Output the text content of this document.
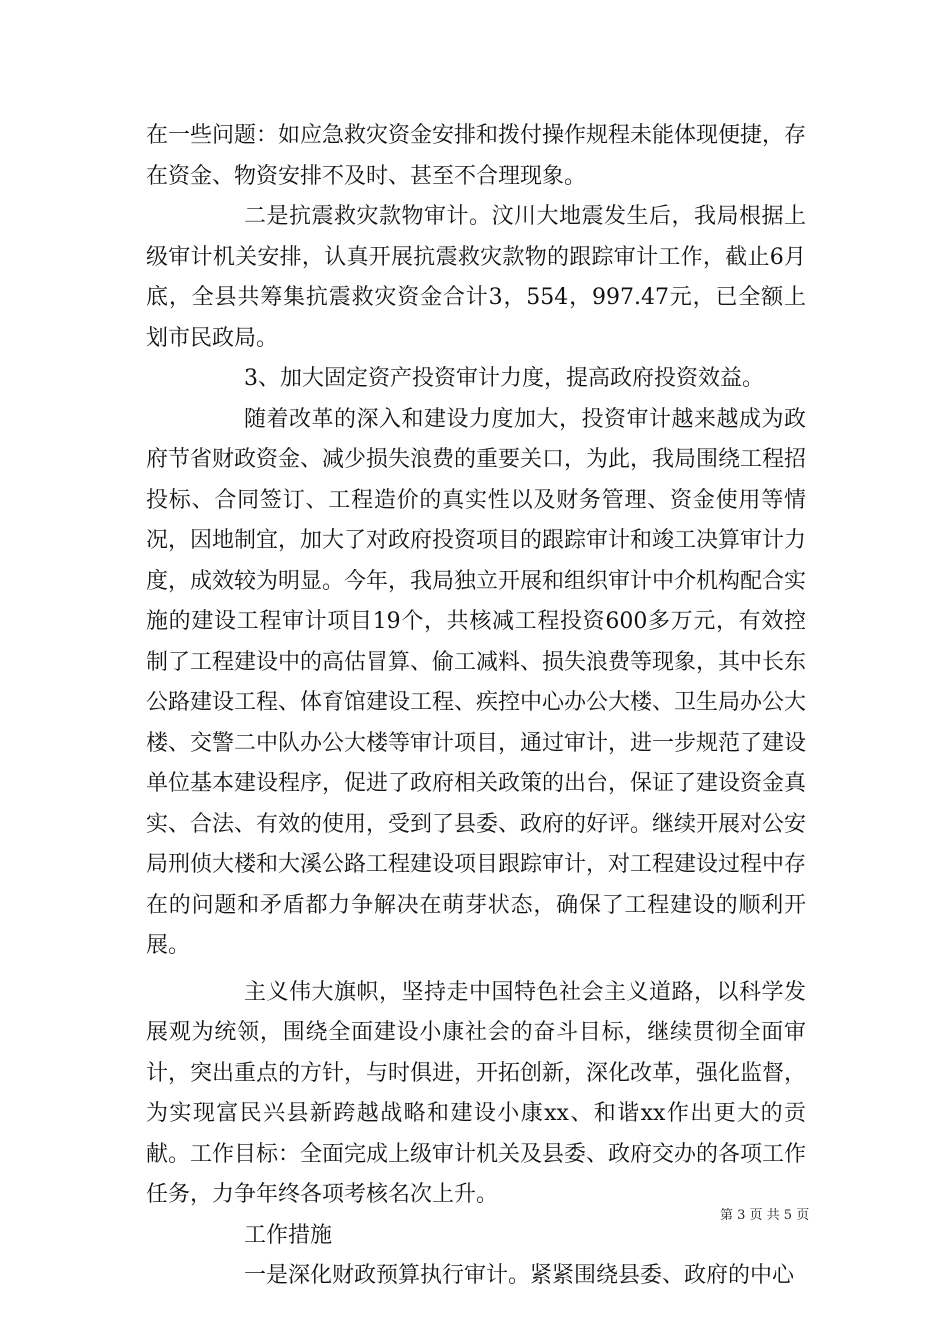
在一些问题：如应急救灾资金安排和拨付操作规程未能体现便捷，存在资金、物资安排不及时、甚至不合理现象。

二是抗震救灾款物审计。汶川大地震发生后，我局根据上级审计机关安排，认真开展抗震救灾款物的跟踪审计工作，截止6月底，全县共筹集抗震救灾资金合计3，554，997.47元，已全额上划市民政局。

3、加大固定资产投资审计力度，提高政府投资效益。

随着改革的深入和建设力度加大，投资审计越来越成为政府节省财政资金、减少损失浪费的重要关口，为此，我局围绕工程招投标、合同签订、工程造价的真实性以及财务管理、资金使用等情况，因地制宜，加大了对政府投资项目的跟踪审计和竣工决算审计力度，成效较为明显。今年，我局独立开展和组织审计中介机构配合实施的建设工程审计项目19个，共核减工程投资600多万元，有效控制了工程建设中的高估冒算、偷工减料、损失浪费等现象，其中长东公路建设工程、体育馆建设工程、疾控中心办公大楼、卫生局办公大楼、交警二中队办公大楼等审计项目，通过审计，进一步规范了建设单位基本建设程序，促进了政府相关政策的出台，保证了建设资金真实、合法、有效的使用，受到了县委、政府的好评。继续开展对公安局刑侦大楼和大溪公路工程建设项目跟踪审计，对工程建设过程中存在的问题和矛盾都力争解决在萌芽状态，确保了工程建设的顺利开展。

主义伟大旗帜，坚持走中国特色社会主义道路，以科学发展观为统领，围绕全面建设小康社会的奋斗目标，继续贯彻全面审计，突出重点的方针，与时俱进，开拓创新，深化改革，强化监督，为实现富民兴县新跨越战略和建设小康xx、和谐xx作出更大的贡献。工作目标：全面完成上级审计机关及县委、政府交办的各项工作任务，力争年终各项考核名次上升。

工作措施

一是深化财政预算执行审计。紧紧围绕县委、政府的中心

第 3 页 共 5 页
